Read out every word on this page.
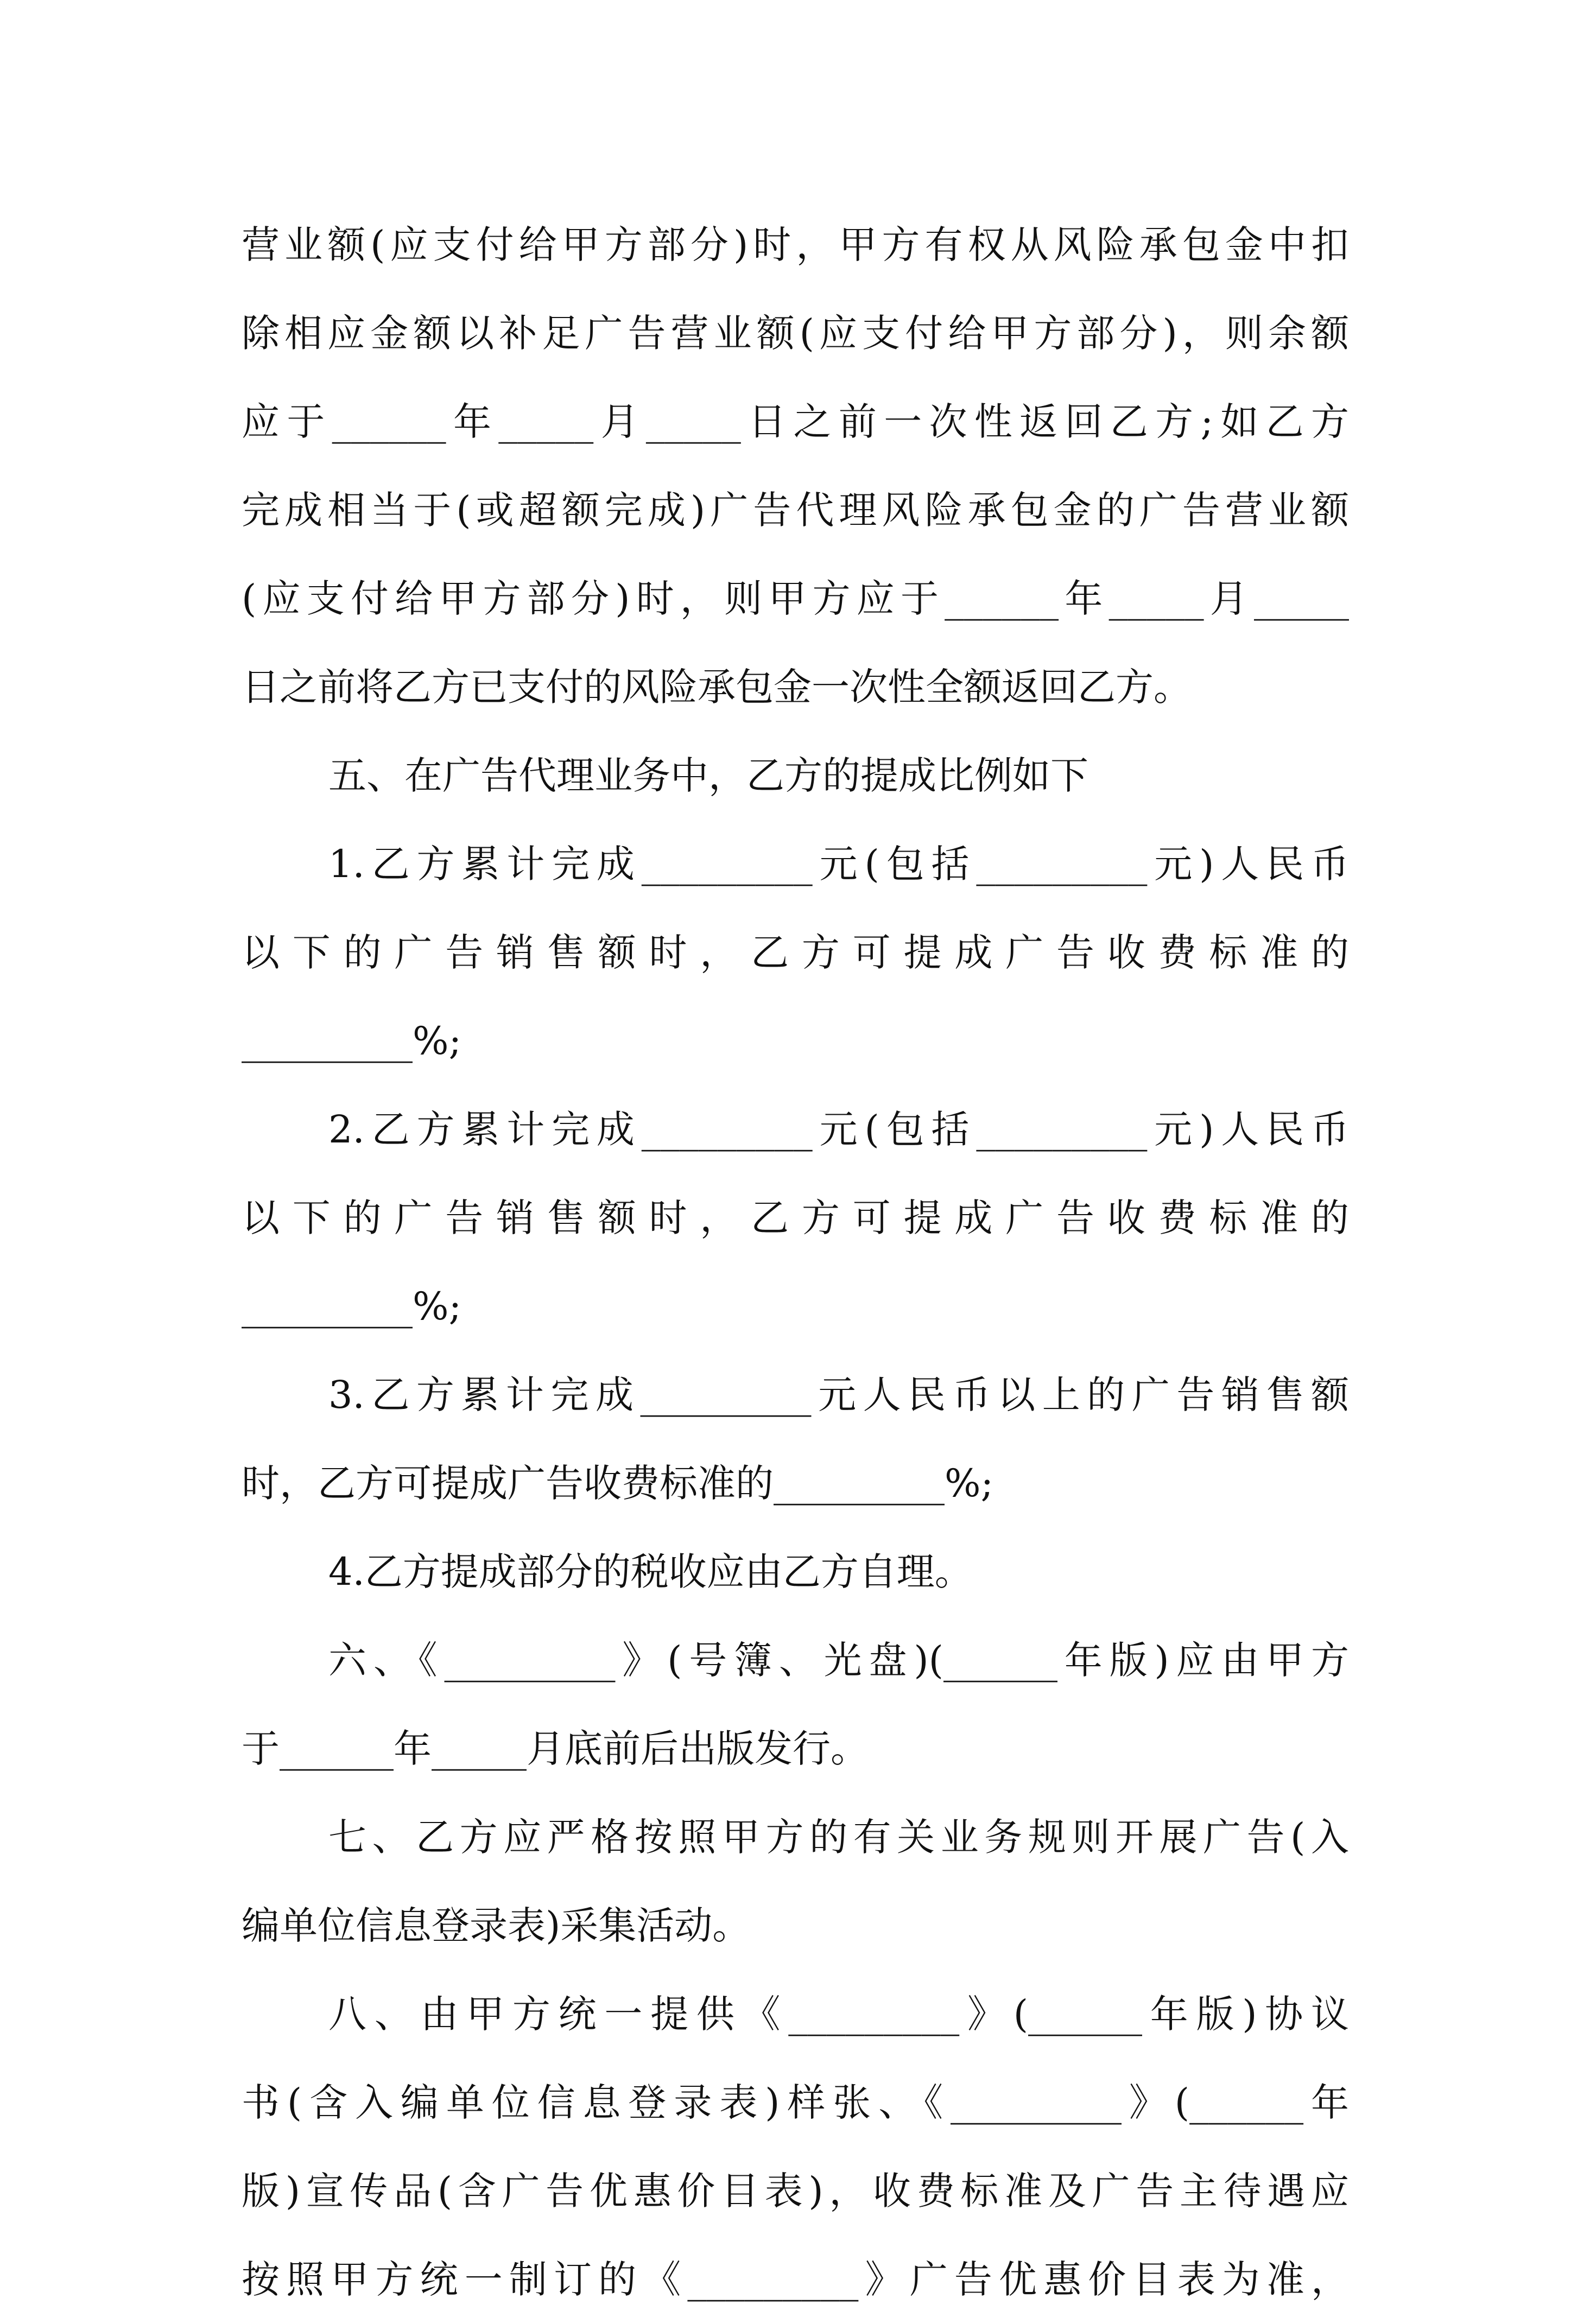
营业额(应支付给甲方部分)时，甲方有权从风险承包金中扣
除相应金额以补足广告营业额(应支付给甲方部分)，则余额
应于______年_____月_____日之前一次性返回乙方;如乙方
完成相当于(或超额完成)广告代理风险承包金的广告营业额
(应支付给甲方部分)时，则甲方应于______年_____月_____
日之前将乙方已支付的风险承包金一次性全额返回乙方。
五、在广告代理业务中，乙方的提成比例如下
1.乙方累计完成_________元(包括_________元)人民币
以下的广告销售额时，乙方可提成广告收费标准的
_________%;
2.乙方累计完成_________元(包括_________元)人民币
以下的广告销售额时，乙方可提成广告收费标准的
_________%;
3.乙方累计完成_________元人民币以上的广告销售额
时，乙方可提成广告收费标准的_________%;
4.乙方提成部分的税收应由乙方自理。
六、《_________》(号簿、光盘)(______年版)应由甲方
于______年_____月底前后出版发行。
七、乙方应严格按照甲方的有关业务规则开展广告(入
编单位信息登录表)采集活动。
八、由甲方统一提供《_________》(______年版)协议
书(含入编单位信息登录表)样张、《_________》(______年
版)宣传品(含广告优惠价目表)，收费标准及广告主待遇应
按照甲方统一制订的《_________》广告优惠价目表为准，
